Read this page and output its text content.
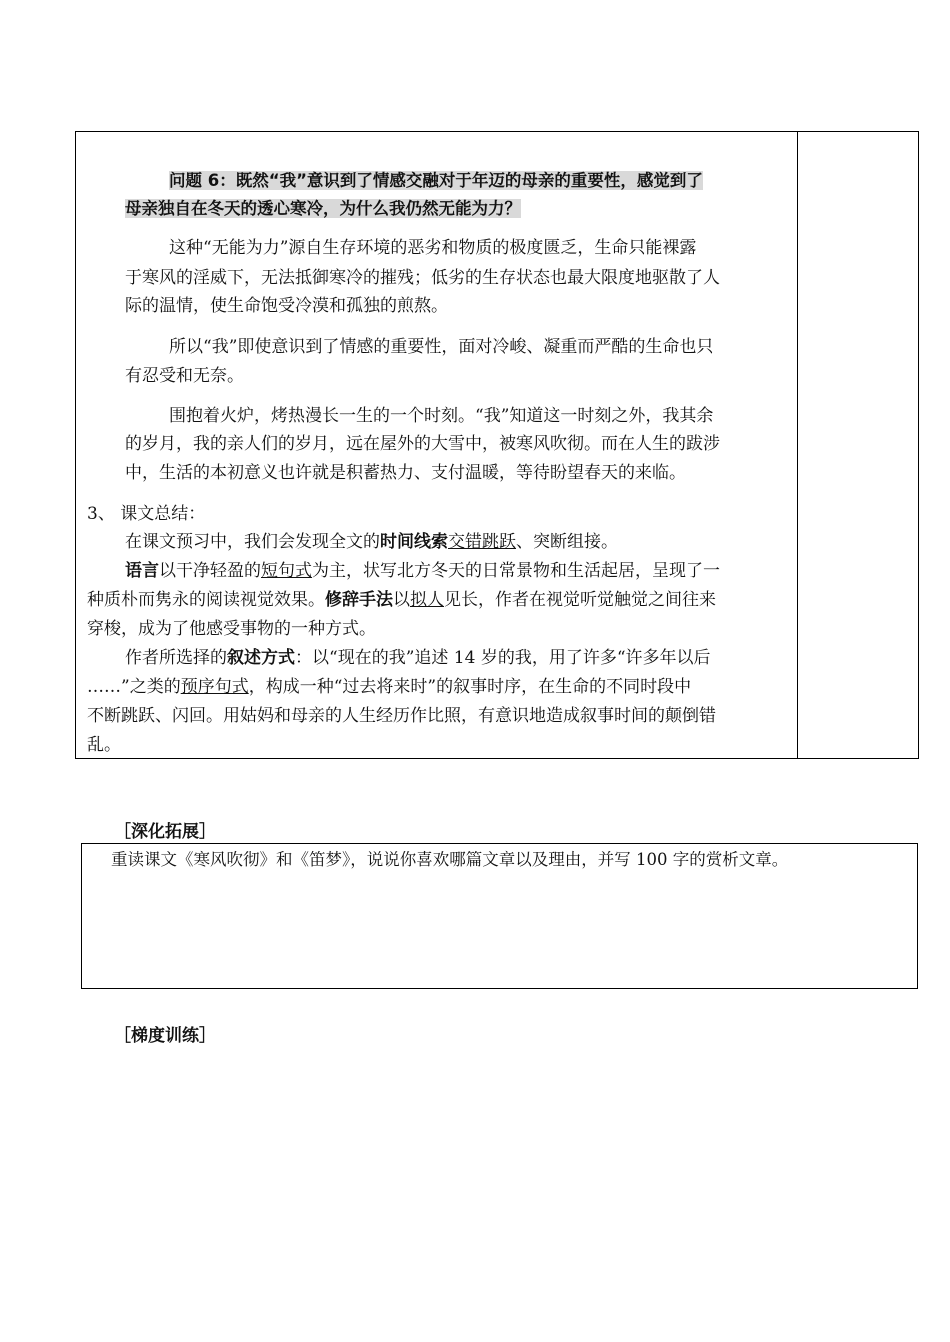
问题 6：既然“我”意识到了情感交融对于年迈的母亲的重要性，感觉到了
母亲独自在冬天的透心寒冷，为什么我仍然无能为力？
这种“无能为力”源自生存环境的恶劣和物质的极度匮乏，生命只能裸露
于寒风的淫威下，无法抵御寒冷的摧残；低劣的生存状态也最大限度地驱散了人
际的温情，使生命饱受冷漠和孤独的煎熬。
所以“我”即使意识到了情感的重要性，面对冷峻、凝重而严酷的生命也只
有忍受和无奈。
围抱着火炉，烤热漫长一生的一个时刻。“我”知道这一时刻之外，我其余
的岁月，我的亲人们的岁月，远在屋外的大雪中，被寒风吹彻。而在人生的跋涉
中，生活的本初意义也许就是积蓄热力、支付温暖，等待盼望春天的来临。
3、 课文总结：
在课文预习中，我们会发现全文的时间线索交错跳跃、突断组接。
语言以干净轻盈的短句式为主，状写北方冬天的日常景物和生活起居，呈现了一
种质朴而隽永的阅读视觉效果。修辞手法以拟人见长，作者在视觉听觉触觉之间往来
穿梭，成为了他感受事物的一种方式。
作者所选择的叙述方式：以“现在的我”追述 14 岁的我，用了许多“许多年以后
……”之类的预序句式，构成一种“过去将来时”的叙事时序，在生命的不同时段中
不断跳跃、闪回。用姑妈和母亲的人生经历作比照，有意识地造成叙事时间的颠倒错
乱。
［深化拓展］
重读课文《寒风吹彻》和《笛梦》，说说你喜欢哪篇文章以及理由，并写 100 字的赏析文章。
［梯度训练］
